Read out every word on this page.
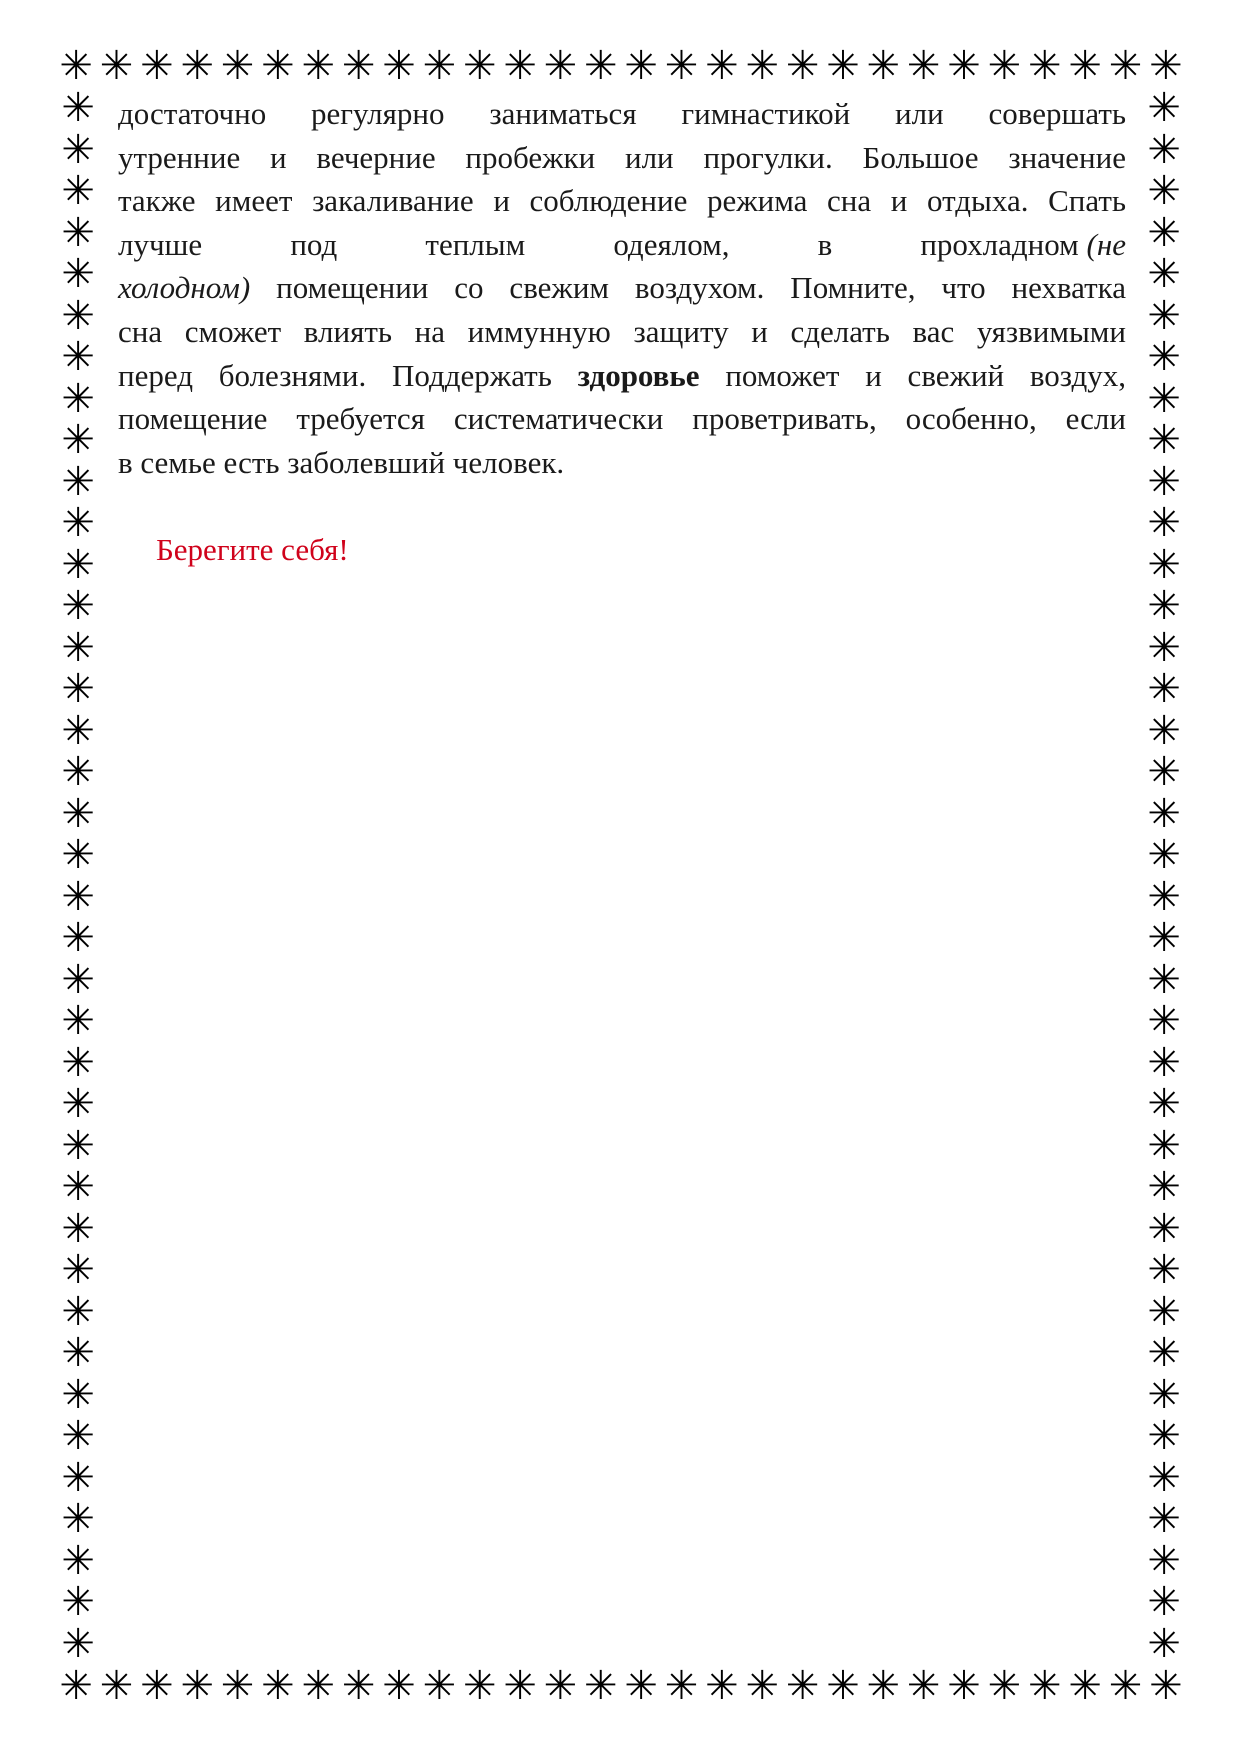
✳ ✳ ✳ ✳ ✳ ✳ ✳ ✳ ✳ ✳ ✳ ✳ ✳ ✳ ✳ ✳ ✳ ✳ ✳ ✳ ✳ ✳ ✳ ✳ ✳ ✳ ✳ ✳
✳ ✳ ✳ ✳ ✳ ✳ ✳ ✳ ✳ ✳ ✳ ✳ ✳ ✳ ✳ ✳ ✳ ✳ ✳ ✳ ✳ ✳ ✳ ✳ ✳ ✳ ✳ ✳
✳
✳
✳
✳
✳
✳
✳
✳
✳
✳
✳
✳
✳
✳
✳
✳
✳
✳
✳
✳
✳
✳
✳
✳
✳
✳
✳
✳
✳
✳
✳
✳
✳
✳
✳
✳
✳
✳
✳
✳
✳
✳
✳
✳
✳
✳
✳
✳
✳
✳
✳
✳
✳
✳
✳
✳
✳
✳
✳
✳
✳
✳
✳
✳
✳
✳
✳
✳
✳
✳
✳
✳
✳
✳
✳
✳
достаточно регулярно заниматься гимнастикой или совершать
утренние и вечерние пробежки или прогулки. Большое значение
также имеет закаливание и соблюдение режима сна и отдыха. Спать
лучше	под	теплым	одеялом,	в	прохладном (не
холодном) помещении со свежим воздухом. Помните, что нехватка
сна сможет влиять на иммунную защиту и сделать вас уязвимыми
перед болезнями. Поддержать здоровье поможет и свежий воздух,
помещение требуется систематически проветривать, особенно, если
в семье есть заболевший человек.
Берегите себя!
